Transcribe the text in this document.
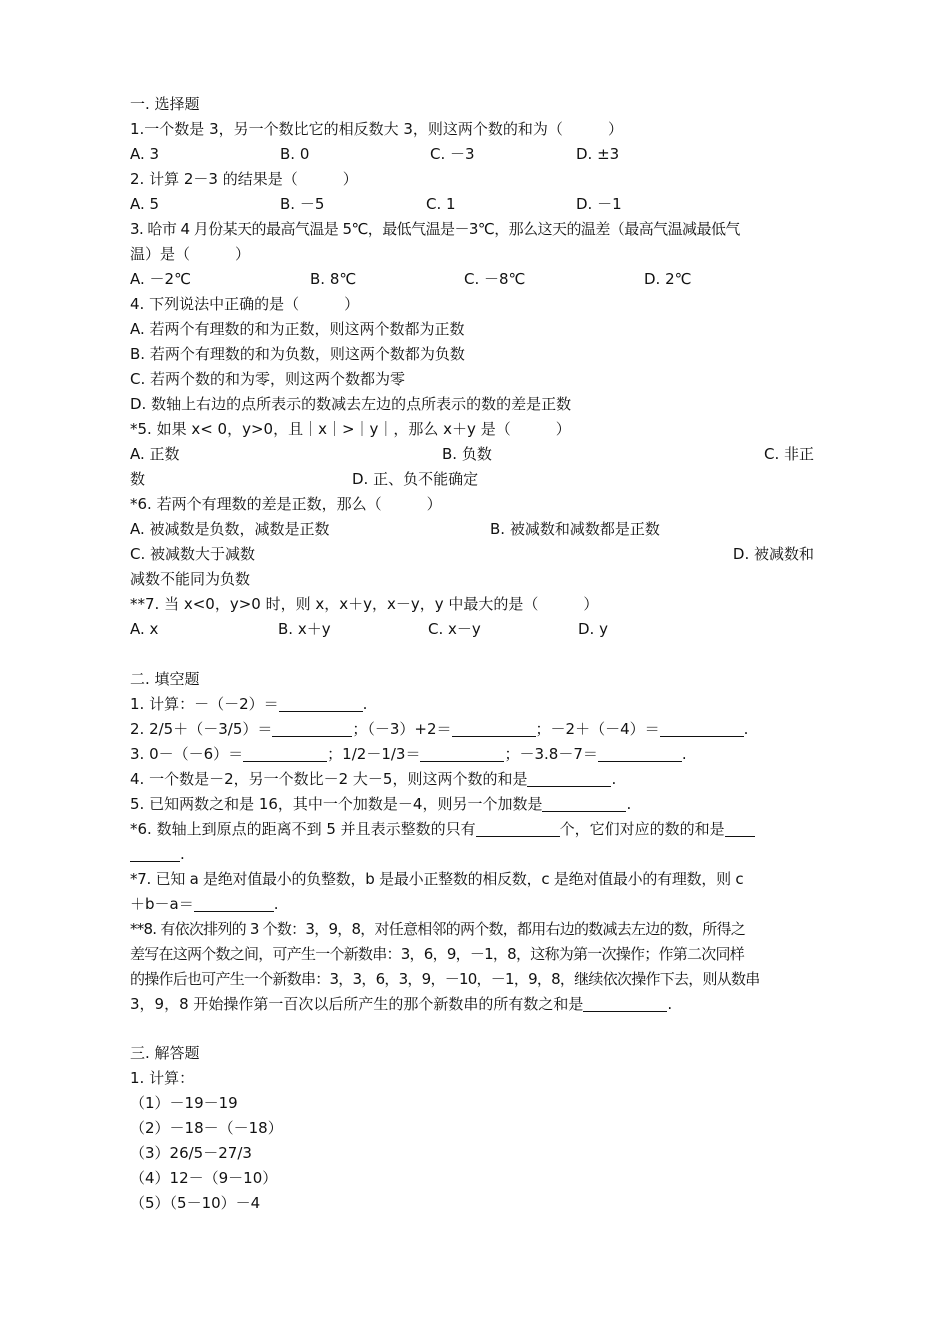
一. 选择题
1.一个数是 3，另一个数比它的相反数大 3，则这两个数的和为（　　　）
A. 3	B. 0	C. －3	D. ±3
2. 计算 2－3 的结果是（　　　）
A. 5	B. －5	C. 1	D. －1
3. 哈市 4 月份某天的最高气温是 5℃，最低气温是－3℃，那么这天的温差（最高气温减最低气
温）是（　　　）
A. －2℃	B. 8℃	C. －8℃	D. 2℃
4. 下列说法中正确的是（　　　）
A. 若两个有理数的和为正数，则这两个数都为正数
B. 若两个有理数的和为负数，则这两个数都为负数
C. 若两个数的和为零，则这两个数都为零
D. 数轴上右边的点所表示的数减去左边的点所表示的数的差是正数
*5. 如果 x< 0，y>0，且｜x｜>｜y｜，那么 x＋y 是（　　　）
A. 正数	B. 负数	C. 非正
数	D. 正、负不能确定
*6. 若两个有理数的差是正数，那么（　　　）
A. 被减数是负数，减数是正数	B. 被减数和减数都是正数
C. 被减数大于减数	D. 被减数和
减数不能同为负数
**7. 当 x<0，y>0 时，则 x，x＋y，x－y，y 中最大的是（　　　）
A. x	B. x＋y	C. x－y	D. y
二. 填空题
1. 计算：－（－2）＝	.
2. 2/5＋（－3/5）＝	；（－3）+2＝	；－2＋（－4）＝	.
3. 0－（－6）＝	；1/2－1/3＝	；－3.8－7＝	.
4. 一个数是－2，另一个数比－2 大－5，则这两个数的和是	.
5. 已知两数之和是 16，其中一个加数是－4，则另一个加数是	.
*6. 数轴上到原点的距离不到 5 并且表示整数的只有	个，它们对应的数的和是
.
*7. 已知 a 是绝对值最小的负整数，b 是最小正整数的相反数，c 是绝对值最小的有理数，则 c
＋b－a＝	.
**8. 有依次排列的 3 个数：3，9，8，对任意相邻的两个数，都用右边的数减去左边的数，所得之
差写在这两个数之间，可产生一个新数串：3，6，9，－1，8，这称为第一次操作；作第二次同样
的操作后也可产生一个新数串：3，3，6，3，9，－10，－1，9，8，继续依次操作下去，则从数串
3，9，8 开始操作第一百次以后所产生的那个新数串的所有数之和是	.
三. 解答题
1. 计算：
（1）－19－19
（2）－18－（－18）
（3）26/5－27/3
（4）12－（9－10）
（5）（5－10）－4
